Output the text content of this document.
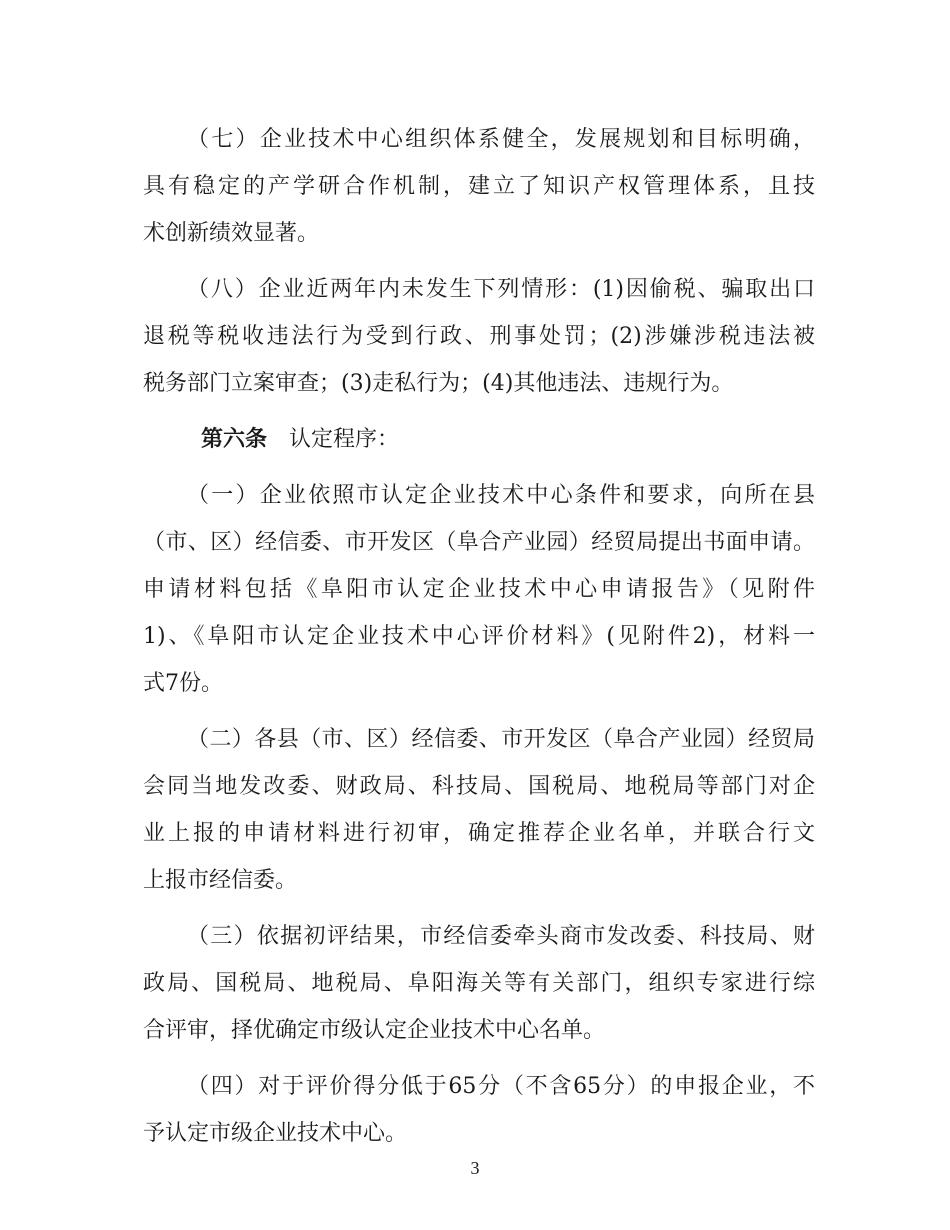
（七）企业技术中心组织体系健全，发展规划和目标明确，
具有稳定的产学研合作机制，建立了知识产权管理体系，且技
术创新绩效显著。
（八）企业近两年内未发生下列情形：(1)因偷税、骗取出口
退税等税收违法行为受到行政、刑事处罚；(2)涉嫌涉税违法被
税务部门立案审查；(3)走私行为；(4)其他违法、违规行为。
第六条 认定程序：
（一）企业依照市认定企业技术中心条件和要求，向所在县
（市、区）经信委、市开发区（阜合产业园）经贸局提出书面申请。
申请材料包括《阜阳市认定企业技术中心申请报告》（见附件
1)、《阜阳市认定企业技术中心评价材料》(见附件2)，材料一
式7份。
（二）各县（市、区）经信委、市开发区（阜合产业园）经贸局
会同当地发改委、财政局、科技局、国税局、地税局等部门对企
业上报的申请材料进行初审，确定推荐企业名单，并联合行文
上报市经信委。
（三）依据初评结果，市经信委牵头商市发改委、科技局、财
政局、国税局、地税局、阜阳海关等有关部门，组织专家进行综
合评审，择优确定市级认定企业技术中心名单。
（四）对于评价得分低于65分（不含65分）的申报企业，不
予认定市级企业技术中心。
3
